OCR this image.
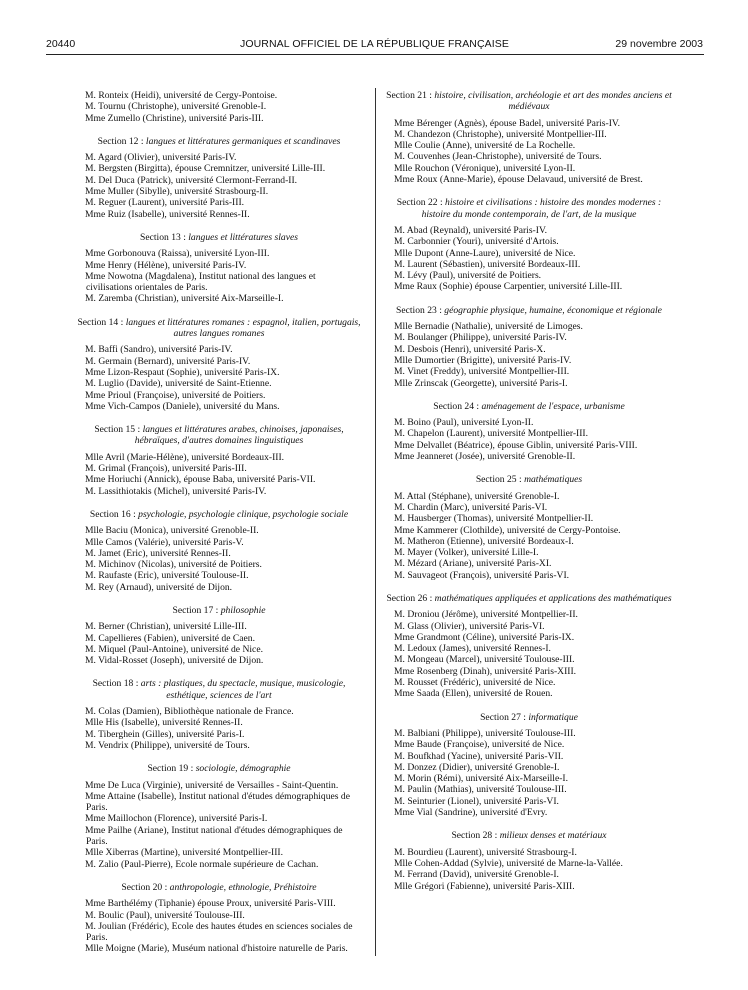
20440	JOURNAL OFFICIEL DE LA RÉPUBLIQUE FRANÇAISE	29 novembre 2003

M. Ronteix (Heidi), université de Cergy-Pontoise.

M. Tournu (Christophe), université Grenoble-I.

Mme Zumello (Christine), université Paris-III.

Section 12 : langues et littératures germaniques et scandinaves

M. Agard (Olivier), université Paris-IV.

M. Bergsten (Birgitta), épouse Cremnitzer, université Lille-III.

M. Del Duca (Patrick), université Clermont-Ferrand-II.

Mme Muller (Sibylle), université Strasbourg-II.

M. Reguer (Laurent), université Paris-III.

Mme Ruiz (Isabelle), université Rennes-II.

Section 13 : langues et littératures slaves

Mme Gorbonouva (Raissa), université Lyon-III.

Mme Henry (Hélène), université Paris-IV.

Mme Nowotna (Magdalena), Institut national des langues et civilisations orientales de Paris.

M. Zaremba (Christian), université Aix-Marseille-I.

Section 14 : langues et littératures romanes : espagnol, italien, portugais, autres langues romanes

M. Baffi (Sandro), université Paris-IV.

M. Germain (Bernard), université Paris-IV.

Mme Lizon-Respaut (Sophie), université Paris-IX.

M. Luglio (Davide), université de Saint-Etienne.

Mme Prioul (Françoise), université de Poitiers.

Mme Vich-Campos (Daniele), université du Mans.

Section 15 : langues et littératures arabes, chinoises, japonaises, hébraïques, d'autres domaines linguistiques

Mlle Avril (Marie-Hélène), université Bordeaux-III.

M. Grimal (François), université Paris-III.

Mme Horiuchi (Annick), épouse Baba, université Paris-VII.

M. Lassithiotakis (Michel), université Paris-IV.

Section 16 : psychologie, psychologie clinique, psychologie sociale

Mlle Baciu (Monica), université Grenoble-II.

Mlle Camos (Valérie), université Paris-V.

M. Jamet (Eric), université Rennes-II.

M. Michinov (Nicolas), université de Poitiers.

M. Raufaste (Eric), université Toulouse-II.

M. Rey (Arnaud), université de Dijon.

Section 17 : philosophie

M. Berner (Christian), université Lille-III.

M. Capellieres (Fabien), université de Caen.

M. Miquel (Paul-Antoine), université de Nice.

M. Vidal-Rosset (Joseph), université de Dijon.

Section 18 : arts : plastiques, du spectacle, musique, musicologie, esthétique, sciences de l'art

M. Colas (Damien), Bibliothèque nationale de France.

Mlle His (Isabelle), université Rennes-II.

M. Tiberghein (Gilles), université Paris-I.

M. Vendrix (Philippe), université de Tours.

Section 19 : sociologie, démographie

Mme De Luca (Virginie), université de Versailles - Saint-Quentin.

Mme Attaine (Isabelle), Institut national d'études démographiques de Paris.

Mme Maillochon (Florence), université Paris-I.

Mme Pailhe (Ariane), Institut national d'études démographiques de Paris.

Mlle Xiberras (Martine), université Montpellier-III.

M. Zalio (Paul-Pierre), Ecole normale supérieure de Cachan.

Section 20 : anthropologie, ethnologie, Préhistoire

Mme Barthélémy (Tiphanie) épouse Proux, université Paris-VIII.

M. Boulic (Paul), université Toulouse-III.

M. Joulian (Frédéric), Ecole des hautes études en sciences sociales de Paris.

Mlle Moigne (Marie), Muséum national d'histoire naturelle de Paris.

Section 21 : histoire, civilisation, archéologie et art des mondes anciens et médiévaux

Mme Bérenger (Agnès), épouse Badel, université Paris-IV.

M. Chandezon (Christophe), université Montpellier-III.

Mlle Coulie (Anne), université de La Rochelle.

M. Couvenhes (Jean-Christophe), université de Tours.

Mlle Rouchon (Véronique), université Lyon-II.

Mme Roux (Anne-Marie), épouse Delavaud, université de Brest.

Section 22 : histoire et civilisations : histoire des mondes modernes : histoire du monde contemporain, de l'art, de la musique

M. Abad (Reynald), université Paris-IV.

M. Carbonnier (Youri), université d'Artois.

Mlle Dupont (Anne-Laure), université de Nice.

M. Laurent (Sébastien), université Bordeaux-III.

M. Lévy (Paul), université de Poitiers.

Mme Raux (Sophie) épouse Carpentier, université Lille-III.

Section 23 : géographie physique, humaine, économique et régionale

Mlle Bernadie (Nathalie), université de Limoges.

M. Boulanger (Philippe), université Paris-IV.

M. Desbois (Henri), université Paris-X.

Mlle Dumortier (Brigitte), université Paris-IV.

M. Vinet (Freddy), université Montpellier-III.

Mlle Zrinscak (Georgette), université Paris-I.

Section 24 : aménagement de l'espace, urbanisme

M. Boino (Paul), université Lyon-II.

M. Chapelon (Laurent), université Montpellier-III.

Mme Delvallet (Béatrice), épouse Giblin, université Paris-VIII.

Mme Jeanneret (Josée), université Grenoble-II.

Section 25 : mathématiques

M. Attal (Stéphane), université Grenoble-I.

M. Chardin (Marc), université Paris-VI.

M. Hausberger (Thomas), université Montpellier-II.

Mme Kammerer (Clothilde), université de Cergy-Pontoise.

M. Matheron (Etienne), université Bordeaux-I.

M. Mayer (Volker), université Lille-I.

M. Mézard (Ariane), université Paris-XI.

M. Sauvageot (François), université Paris-VI.

Section 26 : mathématiques appliquées et applications des mathématiques

M. Droniou (Jérôme), université Montpellier-II.

M. Glass (Olivier), université Paris-VI.

Mme Grandmont (Céline), université Paris-IX.

M. Ledoux (James), université Rennes-I.

M. Mongeau (Marcel), université Toulouse-III.

Mme Rosenberg (Dinah), université Paris-XIII.

M. Rousset (Frédéric), université de Nice.

Mme Saada (Ellen), université de Rouen.

Section 27 : informatique

M. Balbiani (Philippe), université Toulouse-III.

Mme Baude (Françoise), université de Nice.

M. Boufkhad (Yacine), université Paris-VII.

M. Donzez (Didier), université Grenoble-I.

M. Morin (Rémi), université Aix-Marseille-I.

M. Paulin (Mathias), université Toulouse-III.

M. Seinturier (Lionel), université Paris-VI.

Mme Vial (Sandrine), université d'Evry.

Section 28 : milieux denses et matériaux

M. Bourdieu (Laurent), université Strasbourg-I.

Mlle Cohen-Addad (Sylvie), université de Marne-la-Vallée.

M. Ferrand (David), université Grenoble-I.

Mlle Grégori (Fabienne), université Paris-XIII.
